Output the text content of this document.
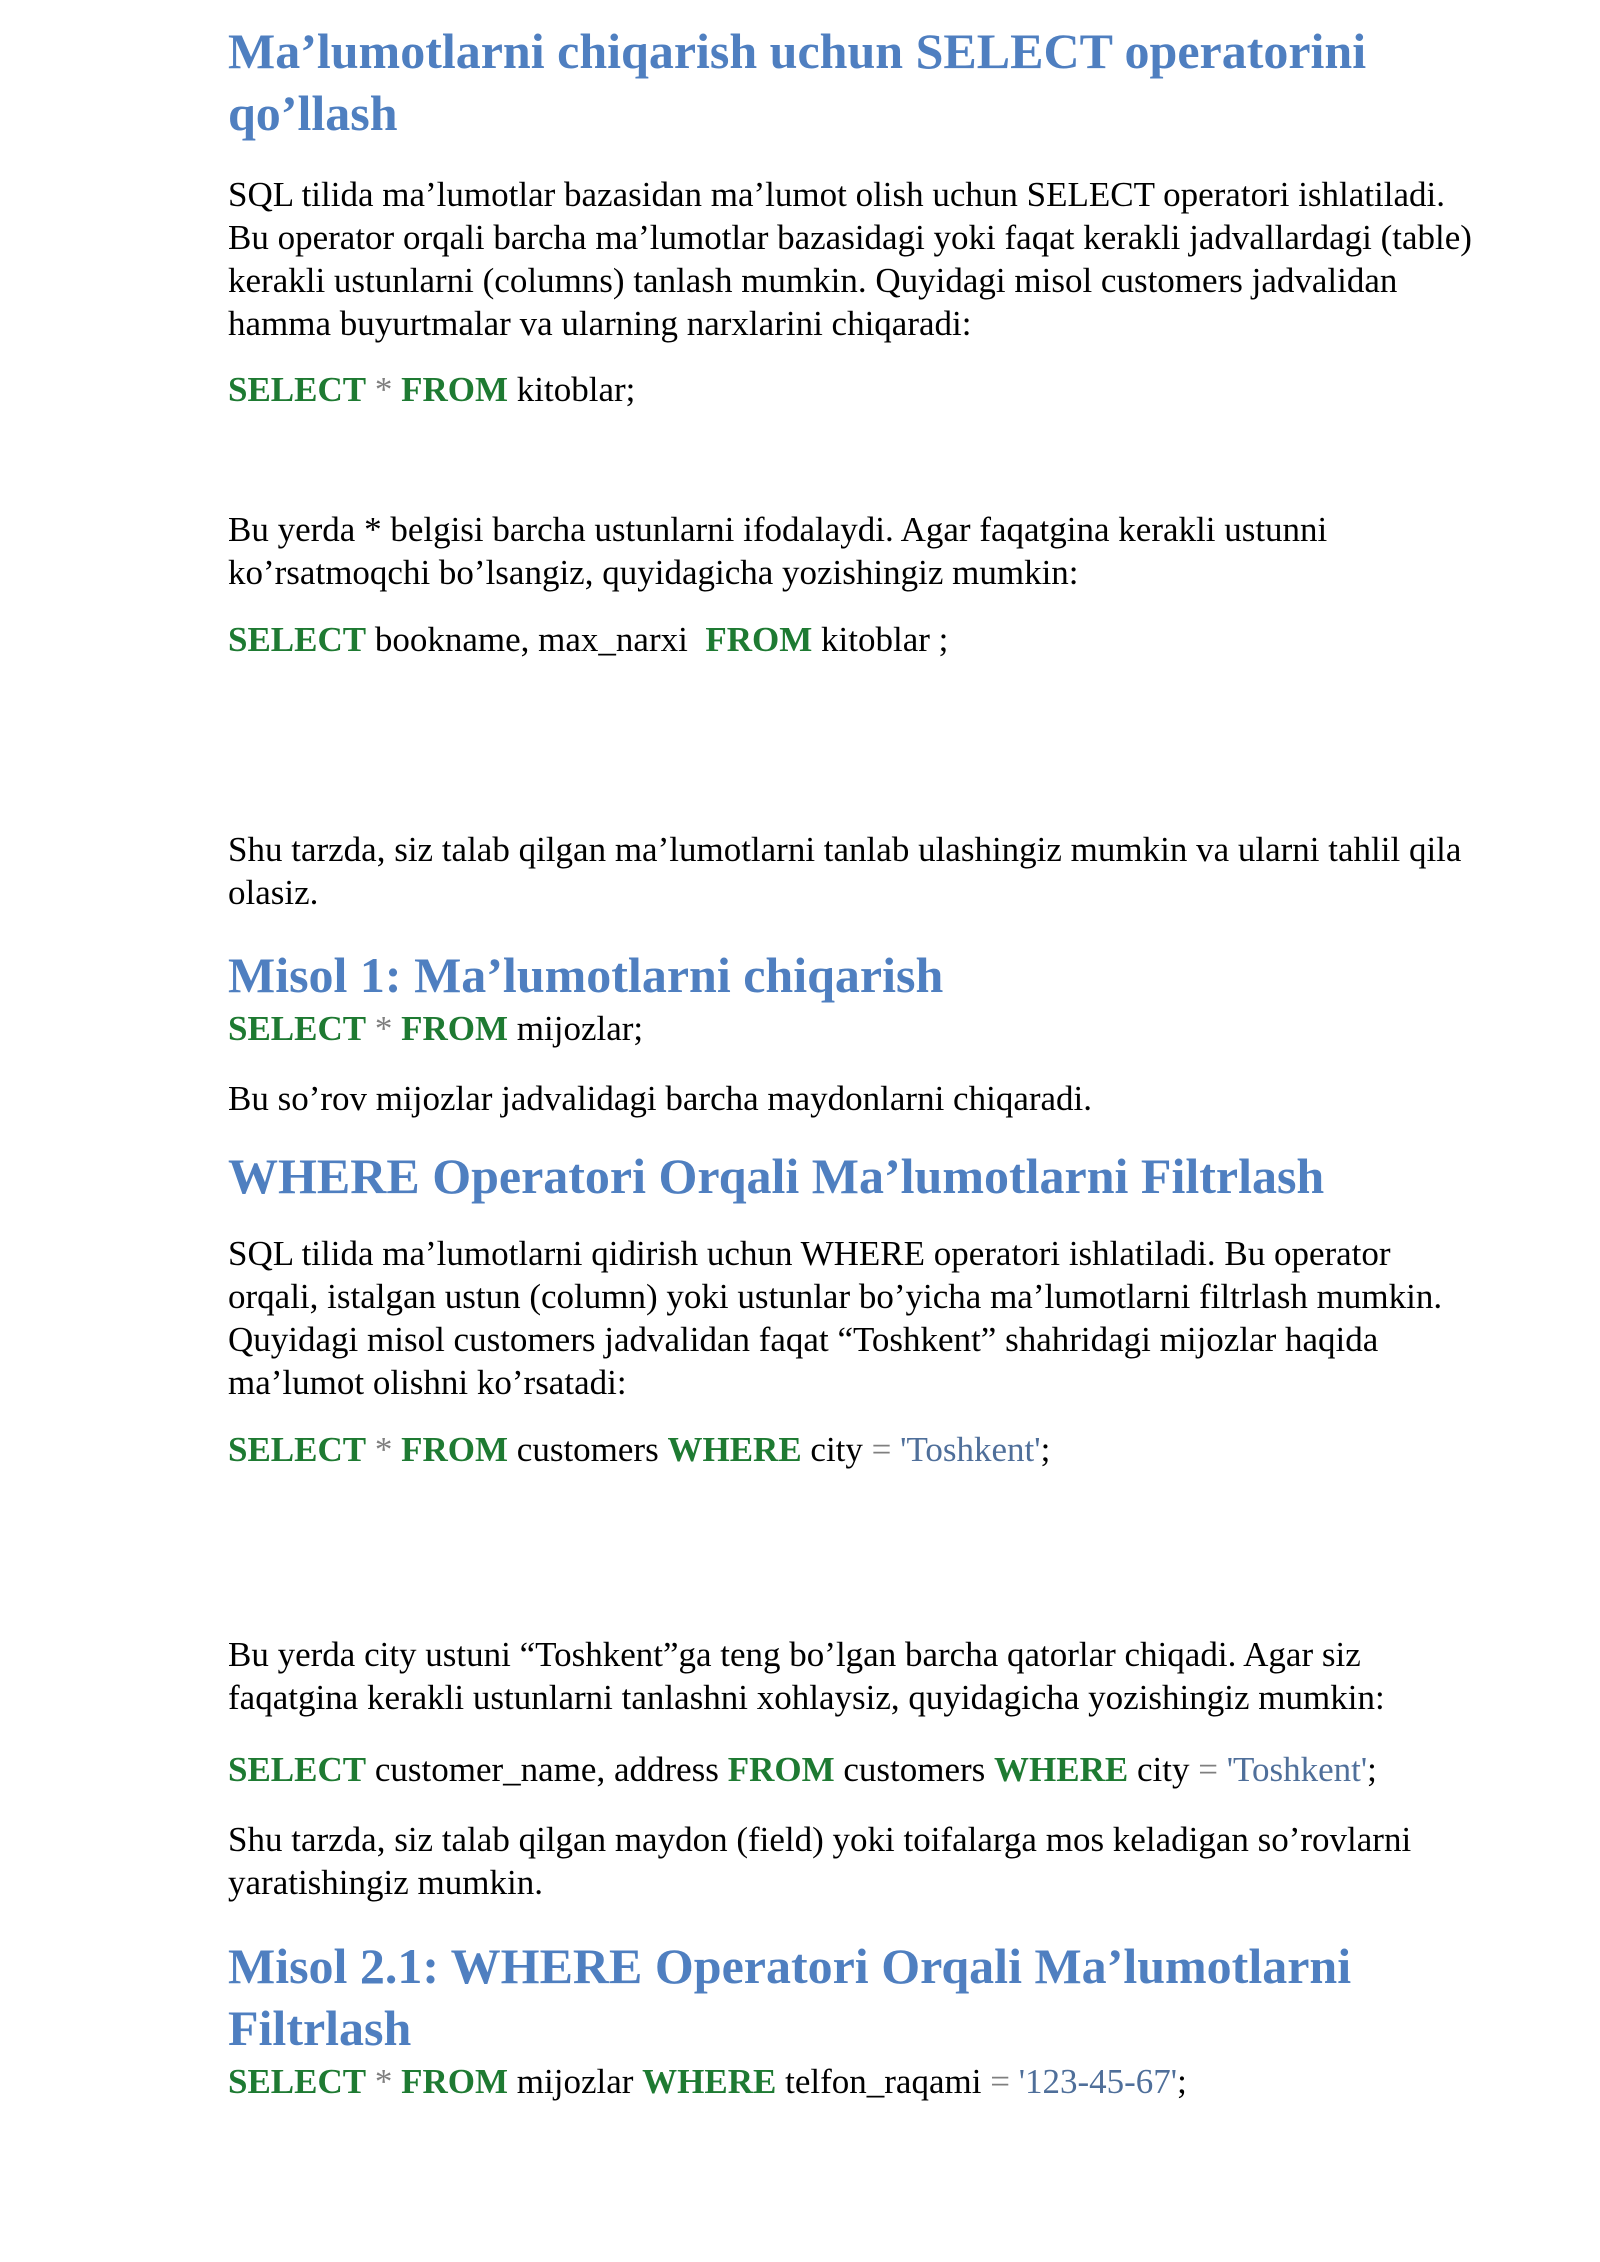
Ma’lumotlarni chiqarish uchun SELECT operatorini qo’llash

SQL tilida ma’lumotlar bazasidan ma’lumot olish uchun SELECT operatori ishlatiladi. Bu operator orqali barcha ma’lumotlar bazasidagi yoki faqat kerakli jadvallardagi (table) kerakli ustunlarni (columns) tanlash mumkin. Quyidagi misol customers jadvalidan hamma buyurtmalar va ularning narxlarini chiqaradi:

SELECT * FROM kitoblar;

Bu yerda * belgisi barcha ustunlarni ifodalaydi. Agar faqatgina kerakli ustunni ko’rsatmoqchi bo’lsangiz, quyidagicha yozishingiz mumkin:

SELECT bookname, max_narxi FROM kitoblar ;

Shu tarzda, siz talab qilgan ma’lumotlarni tanlab ulashingiz mumkin va ularni tahlil qila olasiz.

Misol 1: Ma’lumotlarni chiqarish
SELECT * FROM mijozlar;

Bu so’rov mijozlar jadvalidagi barcha maydonlarni chiqaradi.

WHERE Operatori Orqali Ma’lumotlarni Filtrlash

SQL tilida ma’lumotlarni qidirish uchun WHERE operatori ishlatiladi. Bu operator orqali, istalgan ustun (column) yoki ustunlar bo’yicha ma’lumotlarni filtrlash mumkin. Quyidagi misol customers jadvalidan faqat “Toshkent” shahridagi mijozlar haqida ma’lumot olishni ko’rsatadi:

SELECT * FROM customers WHERE city = 'Toshkent';

Bu yerda city ustuni “Toshkent”ga teng bo’lgan barcha qatorlar chiqadi. Agar siz faqatgina kerakli ustunlarni tanlashni xohlaysiz, quyidagicha yozishingiz mumkin:

SELECT customer_name, address FROM customers WHERE city = 'Toshkent';

Shu tarzda, siz talab qilgan maydon (field) yoki toifalarga mos keladigan so’rovlarni yaratishingiz mumkin.

Misol 2.1: WHERE Operatori Orqali Ma’lumotlarni Filtrlash
SELECT * FROM mijozlar WHERE telfon_raqami = '123-45-67';
